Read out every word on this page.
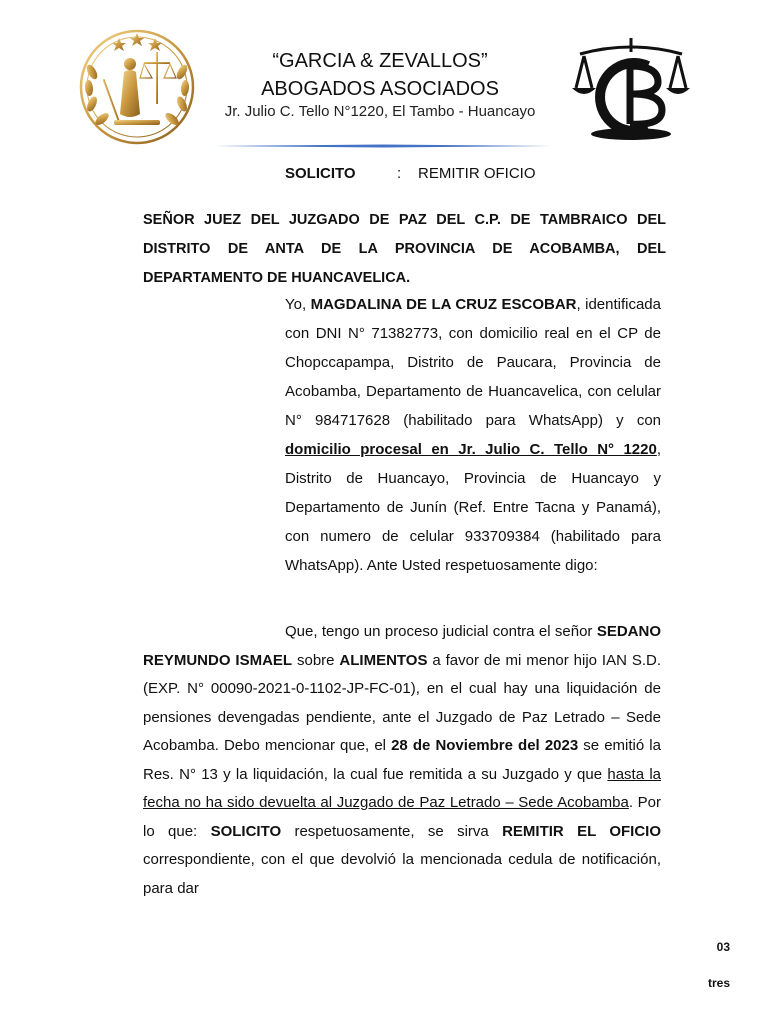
“GARCIA & ZEVALLOS”
ABOGADOS ASOCIADOS
Jr. Julio C. Tello N°1220, El Tambo - Huancayo
SOLICITO	: REMITIR OFICIO
SEÑOR JUEZ DEL JUZGADO DE PAZ DEL C.P. DE TAMBRAICO DEL DISTRITO DE ANTA DE LA PROVINCIA DE ACOBAMBA, DEL DEPARTAMENTO DE HUANCAVELICA.
Yo, MAGDALINA DE LA CRUZ ESCOBAR, identificada con DNI N° 71382773, con domicilio real en el CP de Chopccapampa, Distrito de Paucara, Provincia de Acobamba, Departamento de Huancavelica, con celular N° 984717628 (habilitado para WhatsApp) y con domicilio procesal en Jr. Julio C. Tello N° 1220, Distrito de Huancayo, Provincia de Huancayo y Departamento de Junín (Ref. Entre Tacna y Panamá), con numero de celular 933709384 (habilitado para WhatsApp). Ante Usted respetuosamente digo:
Que, tengo un proceso judicial contra el señor SEDANO REYMUNDO ISMAEL sobre ALIMENTOS a favor de mi menor hijo IAN S.D. (EXP. N° 00090-2021-0-1102-JP-FC-01), en el cual hay una liquidación de pensiones devengadas pendiente, ante el Juzgado de Paz Letrado – Sede Acobamba. Debo mencionar que, el 28 de Noviembre del 2023 se emitió la Res. N° 13 y la liquidación, la cual fue remitida a su Juzgado y que hasta la fecha no ha sido devuelta al Juzgado de Paz Letrado – Sede Acobamba. Por lo que: SOLICITO respetuosamente, se sirva REMITIR EL OFICIO correspondiente, con el que devolvió la mencionada cedula de notificación, para dar
03
tres
